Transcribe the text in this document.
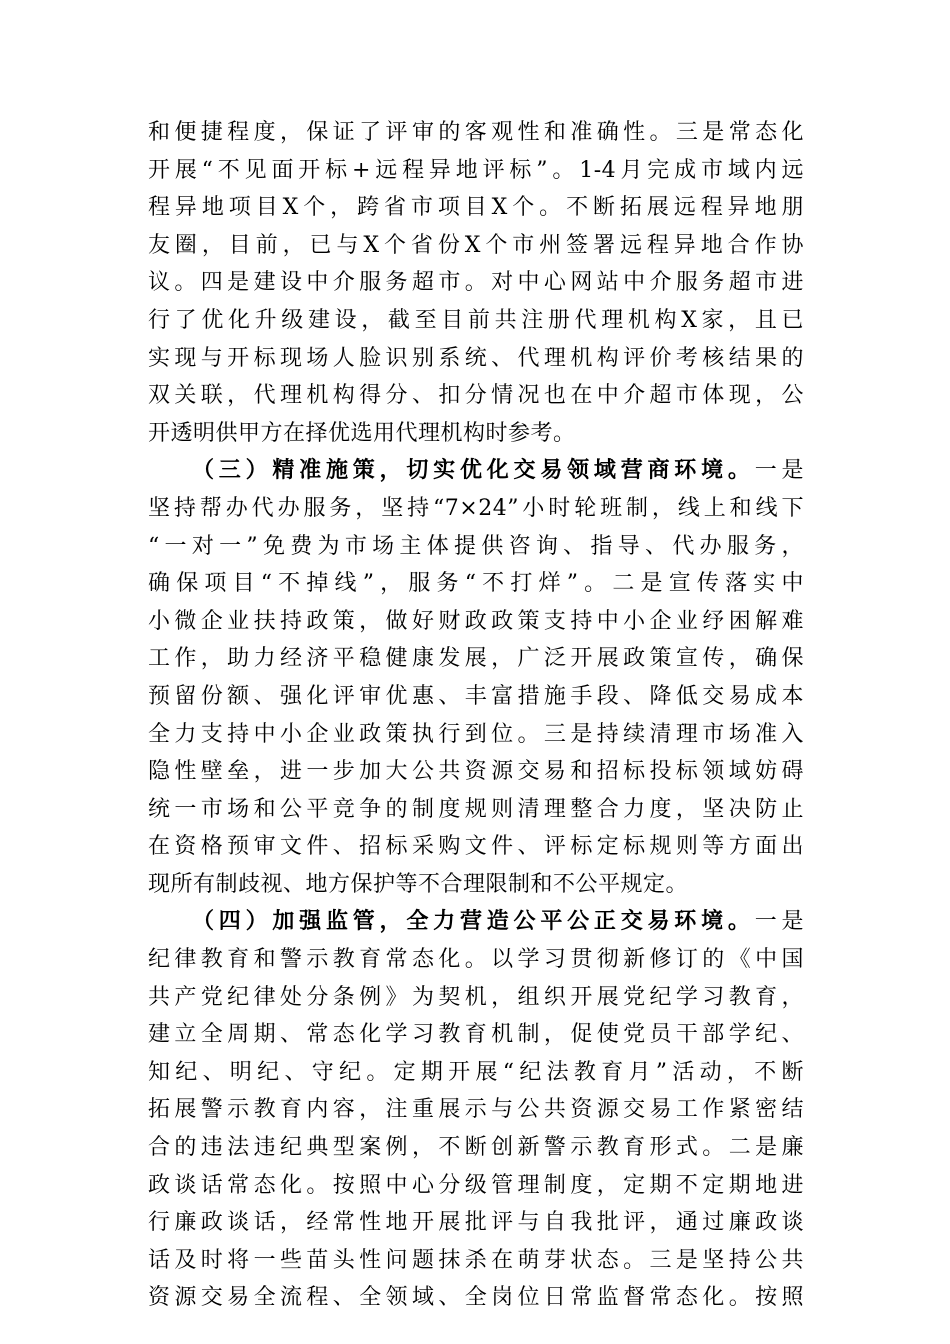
和便捷程度，保证了评审的客观性和准确性。三是常态化
开展“不见面开标+远程异地评标”。1-4月完成市域内远
程异地项目X个，跨省市项目X个。不断拓展远程异地朋
友圈，目前，已与X个省份X个市州签署远程异地合作协
议。四是建设中介服务超市。对中心网站中介服务超市进
行了优化升级建设，截至目前共注册代理机构X家，且已
实现与开标现场人脸识别系统、代理机构评价考核结果的
双关联，代理机构得分、扣分情况也在中介超市体现，公
开透明供甲方在择优选用代理机构时参考。
（三）精准施策，切实优化交易领域营商环境。一是
坚持帮办代办服务，坚持“7×24”小时轮班制，线上和线下
“一对一”免费为市场主体提供咨询、指导、代办服务，
确保项目“不掉线”，服务“不打烊”。二是宣传落实中
小微企业扶持政策，做好财政政策支持中小企业纾困解难
工作，助力经济平稳健康发展，广泛开展政策宣传，确保
预留份额、强化评审优惠、丰富措施手段、降低交易成本
全力支持中小企业政策执行到位。三是持续清理市场准入
隐性壁垒，进一步加大公共资源交易和招标投标领域妨碍
统一市场和公平竞争的制度规则清理整合力度，坚决防止
在资格预审文件、招标采购文件、评标定标规则等方面出
现所有制歧视、地方保护等不合理限制和不公平规定。
（四）加强监管，全力营造公平公正交易环境。一是
纪律教育和警示教育常态化。以学习贯彻新修订的《中国
共产党纪律处分条例》为契机，组织开展党纪学习教育，
建立全周期、常态化学习教育机制，促使党员干部学纪、
知纪、明纪、守纪。定期开展“纪法教育月”活动，不断
拓展警示教育内容，注重展示与公共资源交易工作紧密结
合的违法违纪典型案例，不断创新警示教育形式。二是廉
政谈话常态化。按照中心分级管理制度，定期不定期地进
行廉政谈话，经常性地开展批评与自我批评，通过廉政谈
话及时将一些苗头性问题抹杀在萌芽状态。三是坚持公共
资源交易全流程、全领域、全岗位日常监督常态化。按照
